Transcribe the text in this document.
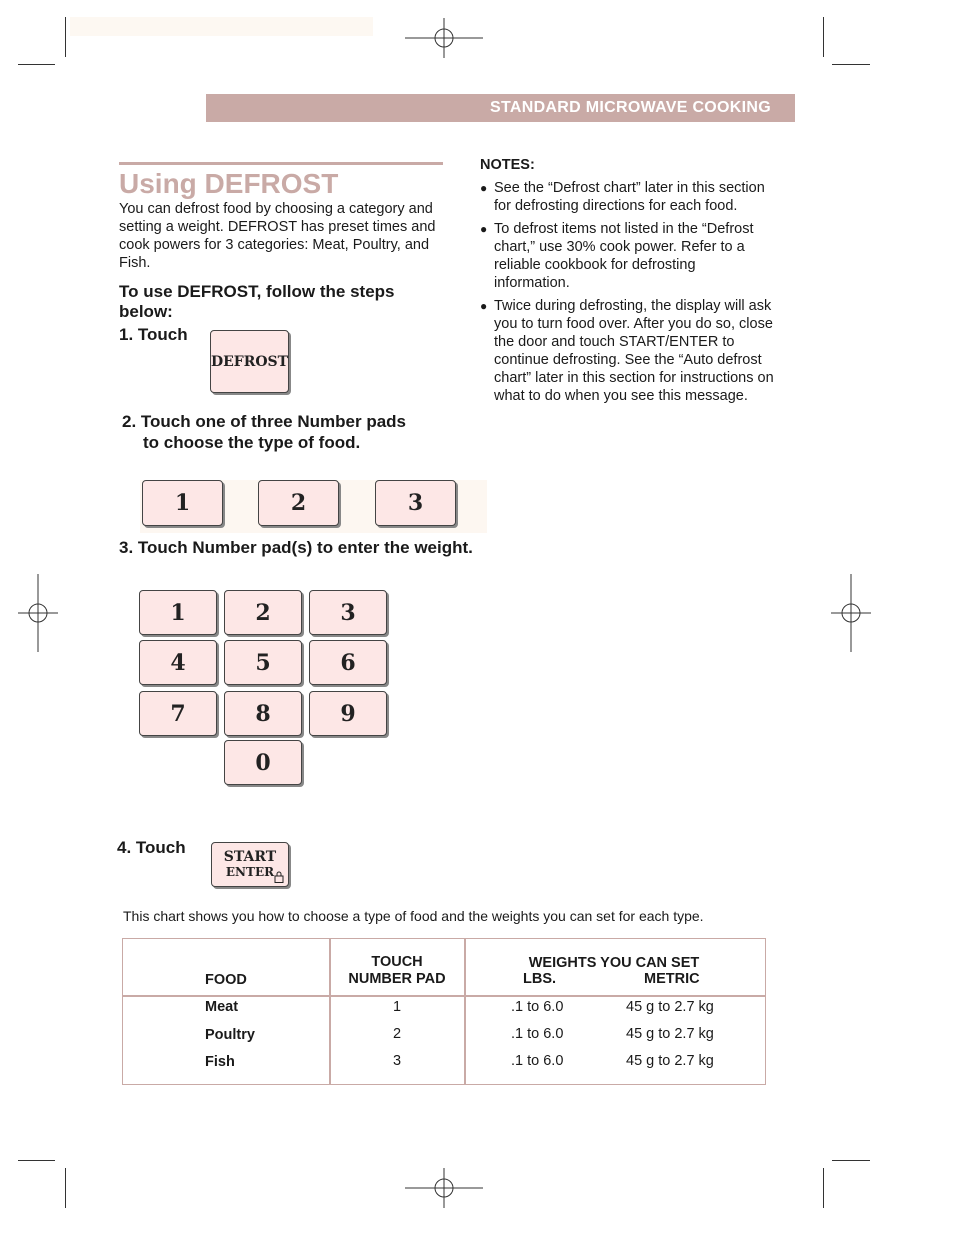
STANDARD MICROWAVE COOKING
Using DEFROST
You can defrost food by choosing a category and setting a weight. DEFROST has preset times and cook powers for 3 categories: Meat, Poultry, and Fish.
To use DEFROST, follow the steps below:
1. Touch
DEFROST
2. Touch one of three Number pads to choose the type of food.
1	2	3
3. Touch Number pad(s) to enter the weight.
1	2	3
4	5	6
7	8	9
0
4. Touch	START
ENTER
NOTES:
● See the “Defrost chart” later in this section for defrosting directions for each food.
● To defrost items not listed in the “Defrost chart,” use 30% cook power. Refer to a reliable cookbook for defrosting information.
● Twice during defrosting, the display will ask you to turn food over. After you do so, close the door and touch START/ENTER to continue defrosting. See the “Auto defrost chart” later in this section for instructions on what to do when you see this message.
This chart shows you how to choose a type of food and the weights you can set for each type.
FOOD
TOUCH
NUMBER PAD
WEIGHTS YOU CAN SET
LBS.	METRIC
Meat	1	.1 to 6.0	45 g to 2.7 kg
Poultry	2	.1 to 6.0	45 g to 2.7 kg
Fish	3	.1 to 6.0	45 g to 2.7 kg
